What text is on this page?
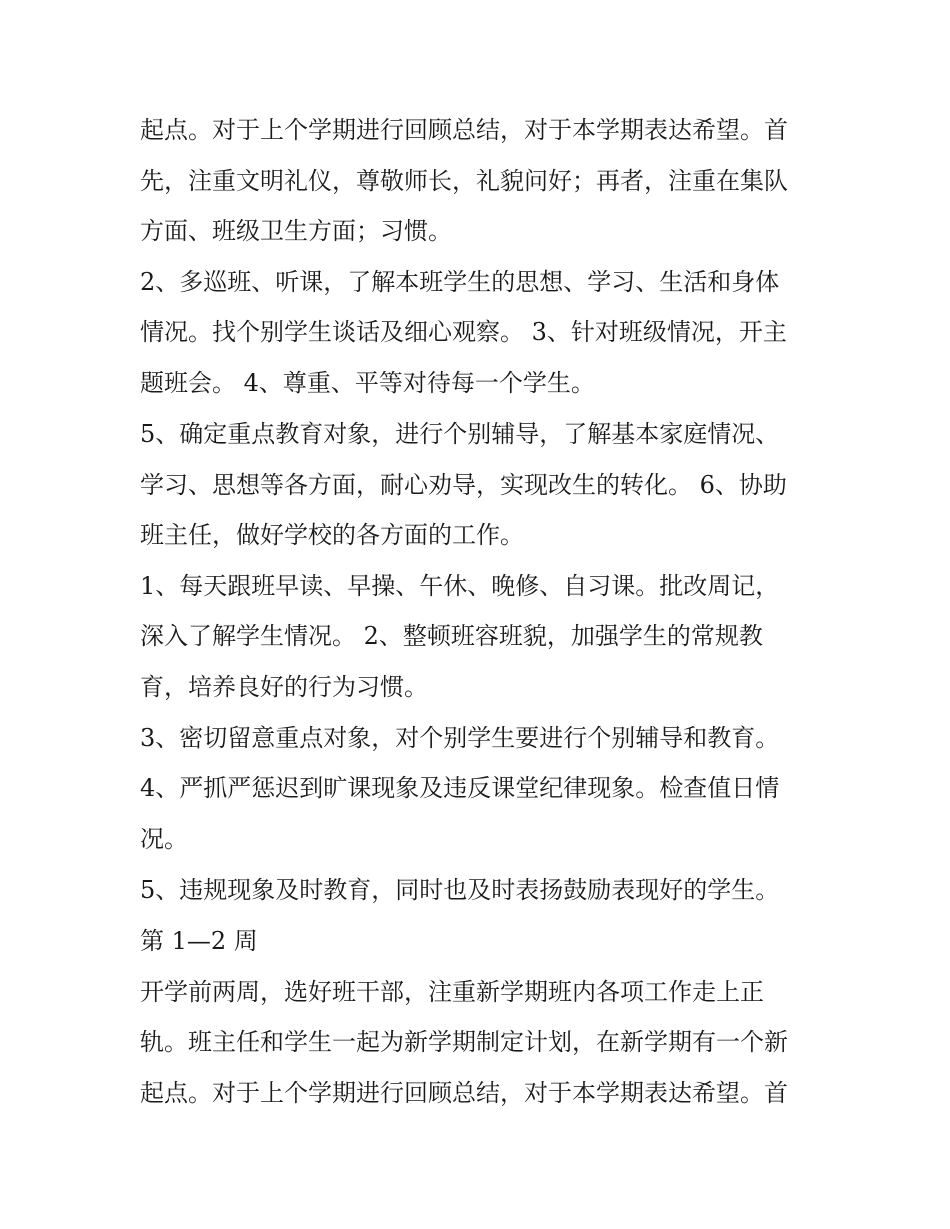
起点。对于上个学期进行回顾总结，对于本学期表达希望。首
先，注重文明礼仪，尊敬师长，礼貌问好；再者，注重在集队
方面、班级卫生方面；习惯。
2、多巡班、听课，了解本班学生的思想、学习、生活和身体
情况。找个别学生谈话及细心观察。 3、针对班级情况，开主
题班会。 4、尊重、平等对待每一个学生。
5、确定重点教育对象，进行个别辅导，了解基本家庭情况、
学习、思想等各方面，耐心劝导，实现改生的转化。 6、协助
班主任，做好学校的各方面的工作。
1、每天跟班早读、早操、午休、晚修、自习课。批改周记，
深入了解学生情况。 2、整顿班容班貌，加强学生的常规教
育，培养良好的行为习惯。
3、密切留意重点对象，对个别学生要进行个别辅导和教育。
4、严抓严惩迟到旷课现象及违反课堂纪律现象。检查值日情
况。
5、违规现象及时教育，同时也及时表扬鼓励表现好的学生。
第 1—2 周
开学前两周，选好班干部，注重新学期班内各项工作走上正
轨。班主任和学生一起为新学期制定计划，在新学期有一个新
起点。对于上个学期进行回顾总结，对于本学期表达希望。首
